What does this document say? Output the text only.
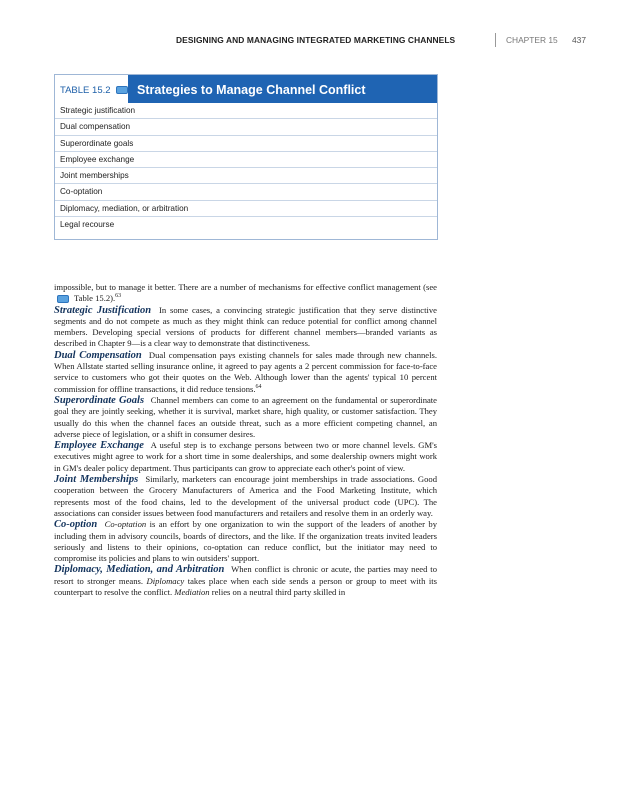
DESIGNING AND MANAGING INTEGRATED MARKETING CHANNELS	CHAPTER 15 437
TABLE 15.2	Strategies to Manage Channel Conflict
Strategic justification
Dual compensation
Superordinate goals
Employee exchange
Joint memberships
Co-optation
Diplomacy, mediation, or arbitration
Legal recourse

impossible, but to manage it better. There are a number of mechanisms for effective conflict management (see  Table 15.2).$^{63}$

Strategic Justification In some cases, a convincing strategic justification that they serve distinctive segments and do not compete as much as they might think can reduce potential for conflict among channel members. Developing special versions of products for different channel members—branded variants as described in Chapter 9—is a clear way to demonstrate that distinctiveness.

Dual Compensation Dual compensation pays existing channels for sales made through new channels. When Allstate started selling insurance online, it agreed to pay agents a 2 percent commission for face-to-face service to customers who got their quotes on the Web. Although lower than the agents' typical 10 percent commission for offline transactions, it did reduce tensions.$^{64}$

Superordinate Goals Channel members can come to an agreement on the fundamental or superordinate goal they are jointly seeking, whether it is survival, market share, high quality, or customer satisfaction. They usually do this when the channel faces an outside threat, such as a more efficient competing channel, an adverse piece of legislation, or a shift in consumer desires.

Employee Exchange A useful step is to exchange persons between two or more channel levels. GM's executives might agree to work for a short time in some dealerships, and some dealership owners might work in GM's dealer policy department. Thus participants can grow to appreciate each other's point of view.

Joint Memberships Similarly, marketers can encourage joint memberships in trade associations. Good cooperation between the Grocery Manufacturers of America and the Food Marketing Institute, which represents most of the food chains, led to the development of the universal product code (UPC). The associations can consider issues between food manufacturers and retailers and resolve them in an orderly way.

Co-option Co-optation is an effort by one organization to win the support of the leaders of another by including them in advisory councils, boards of directors, and the like. If the organization treats invited leaders seriously and listens to their opinions, co-optation can reduce conflict, but the initiator may need to compromise its policies and plans to win outsiders' support.

Diplomacy, Mediation, and Arbitration When conflict is chronic or acute, the parties may need to resort to stronger means. Diplomacy takes place when each side sends a person or group to meet with its counterpart to resolve the conflict. Mediation relies on a neutral third party skilled in
